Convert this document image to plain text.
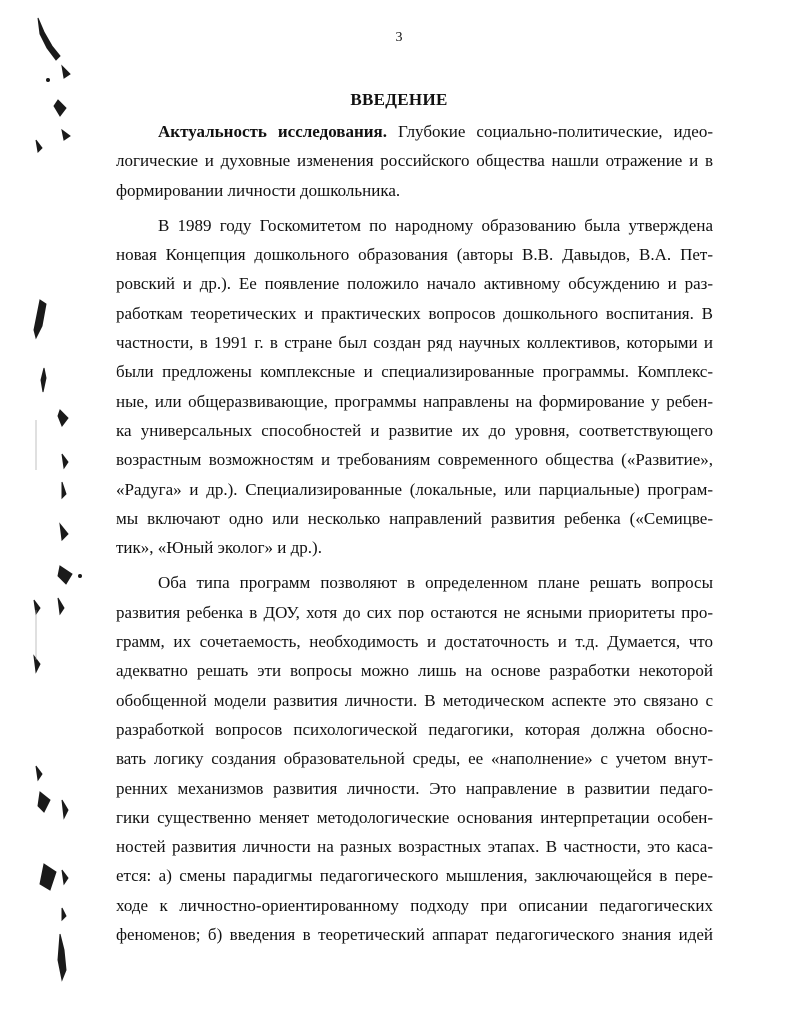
3
ВВЕДЕНИЕ
Актуальность исследования. Глубокие социально-политические, идео-
логические и духовные изменения российского общества нашли отражение и в
формировании личности дошкольника.
В 1989 году Госкомитетом по народному образованию была утверждена
новая Концепция дошкольного образования (авторы В.В. Давыдов, В.А. Пет-
ровский и др.). Ее появление положило начало активному обсуждению и раз-
работкам теоретических и практических вопросов дошкольного воспитания. В
частности, в 1991 г. в стране был создан ряд научных коллективов, которыми и
были предложены комплексные и специализированные программы. Комплекс-
ные, или общеразвивающие, программы направлены на формирование у ребен-
ка универсальных способностей и развитие их до уровня, соответствующего
возрастным возможностям и требованиям современного общества («Развитие»,
«Радуга» и др.). Специализированные (локальные, или парциальные) програм-
мы включают одно или несколько направлений развития ребенка («Семицве-
тик», «Юный эколог» и др.).
Оба типа программ позволяют в определенном плане решать вопросы
развития ребенка в ДОУ, хотя до сих пор остаются не ясными приоритеты про-
грамм, их сочетаемость, необходимость и достаточность и т.д. Думается, что
адекватно решать эти вопросы можно лишь на основе разработки некоторой
обобщенной модели развития личности. В методическом аспекте это связано с
разработкой вопросов психологической педагогики, которая должна обосно-
вать логику создания образовательной среды, ее «наполнение» с учетом внут-
ренних механизмов развития личности. Это направление в развитии педаго-
гики существенно меняет методологические основания интерпретации особен-
ностей развития личности на разных возрастных этапах. В частности, это каса-
ется: а) смены парадигмы педагогического мышления, заключающейся в пере-
ходе к личностно-ориентированному подходу при описании педагогических
феноменов; б) введения в теоретический аппарат педагогического знания идей
